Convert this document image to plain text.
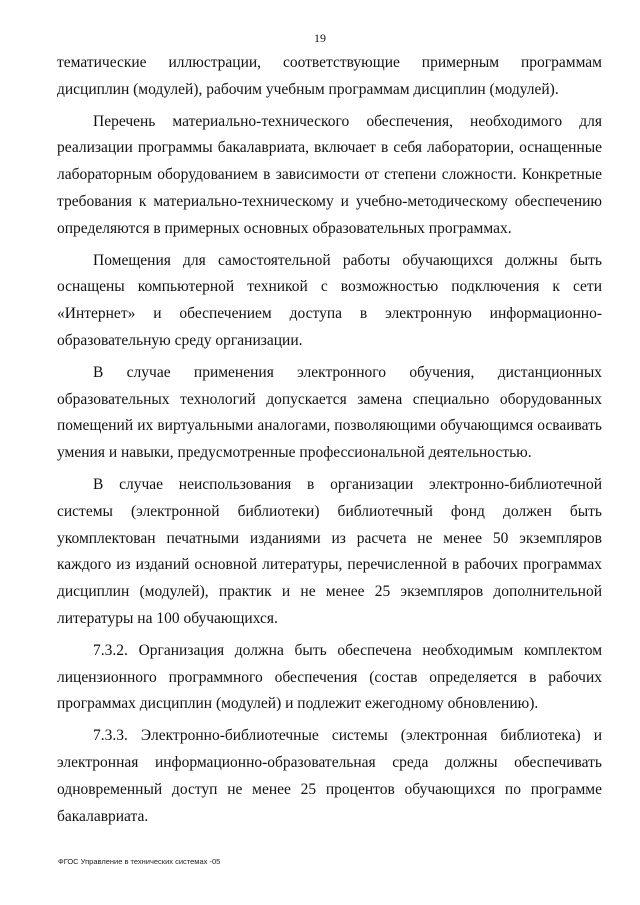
19

тематические иллюстрации, соответствующие примерным программам дисциплин (модулей), рабочим учебным программам дисциплин (модулей).

Перечень материально-технического обеспечения, необходимого для реализации программы бакалавриата, включает в себя лаборатории, оснащенные лабораторным оборудованием в зависимости от степени сложности. Конкретные требования к материально-техническому и учебно-методическому обеспечению определяются в примерных основных образовательных программах.

Помещения для самостоятельной работы обучающихся должны быть оснащены компьютерной техникой с возможностью подключения к сети «Интернет» и обеспечением доступа в электронную информационно-образовательную среду организации.

В случае применения электронного обучения, дистанционных образовательных технологий допускается замена специально оборудованных помещений их виртуальными аналогами, позволяющими обучающимся осваивать умения и навыки, предусмотренные профессиональной деятельностью.

В случае неиспользования в организации электронно-библиотечной системы (электронной библиотеки) библиотечный фонд должен быть укомплектован печатными изданиями из расчета не менее 50 экземпляров каждого из изданий основной литературы, перечисленной в рабочих программах дисциплин (модулей), практик и не менее 25 экземпляров дополнительной литературы на 100 обучающихся.

7.3.2. Организация должна быть обеспечена необходимым комплектом лицензионного программного обеспечения (состав определяется в рабочих программах дисциплин (модулей) и подлежит ежегодному обновлению).

7.3.3. Электронно-библиотечные системы (электронная библиотека) и электронная информационно-образовательная среда должны обеспечивать одновременный доступ не менее 25 процентов обучающихся по программе бакалавриата.

ФГОС Управление в технических системах -05
